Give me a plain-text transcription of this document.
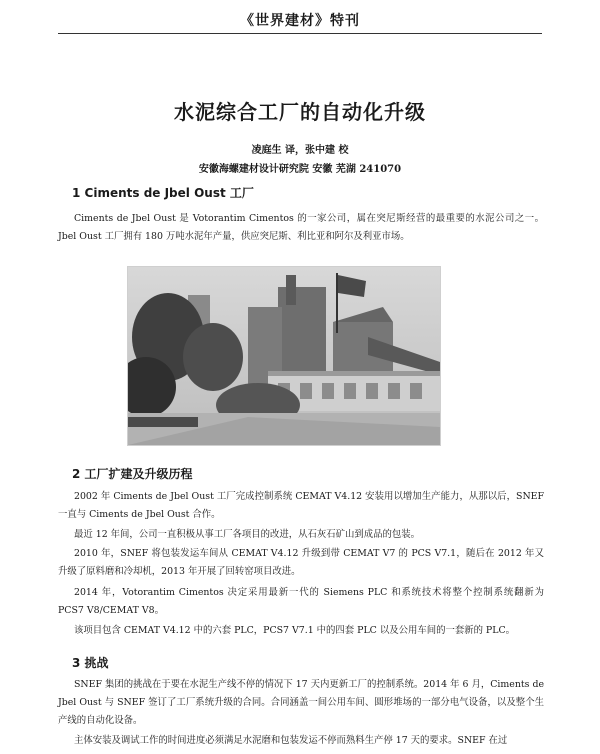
《世界建材》特刊
水泥综合工厂的自动化升级
凌庭生 译，张中建 校
安徽海螺建材设计研究院 安徽 芜湖 241070
1 Ciments de Jbel Oust 工厂

Ciments de Jbel Oust 是 Votorantim Cimentos 的一家公司，属在突尼斯经营的最重要的水泥公司之一。Jbel Oust 工厂拥有 180 万吨水泥年产量，供应突尼斯、利比亚和阿尔及利亚市场。

2 工厂扩建及升级历程

2002 年 Ciments de Jbel Oust 工厂完成控制系统 CEMAT V4.12 安装用以增加生产能力，从那以后，SNEF 一直与 Ciments de Jbel Oust 合作。

最近 12 年间，公司一直积极从事工厂各项目的改进，从石灰石矿山到成品的包装。

2010 年，SNEF 将包装发运车间从 CEMAT V4.12 升级到带 CEMAT V7 的 PCS V7.1，随后在 2012 年又升级了原料磨和冷却机，2013 年开展了回转窑项目改进。

2014 年，Votorantim Cimentos 决定采用最新一代的 Siemens PLC 和系统技术将整个控制系统翻新为 PCS7 V8/CEMAT V8。

该项目包含 CEMAT V4.12 中的六套 PLC，PCS7 V7.1 中的四套 PLC 以及公用车间的一套新的 PLC。

3 挑战

SNEF 集团的挑战在于要在水泥生产线不停的情况下 17 天内更新工厂的控制系统。2014 年 6 月，Ciments de Jbel Oust 与 SNEF 签订了工厂系统升级的合同。合同涵盖一间公用车间、圆形堆场的一部分电气设备，以及整个生产线的自动化设备。

主体安装及调试工作的时间进度必须满足水泥磨和包装发运不停而熟料生产停 17 天的要求。SNEF 在过
